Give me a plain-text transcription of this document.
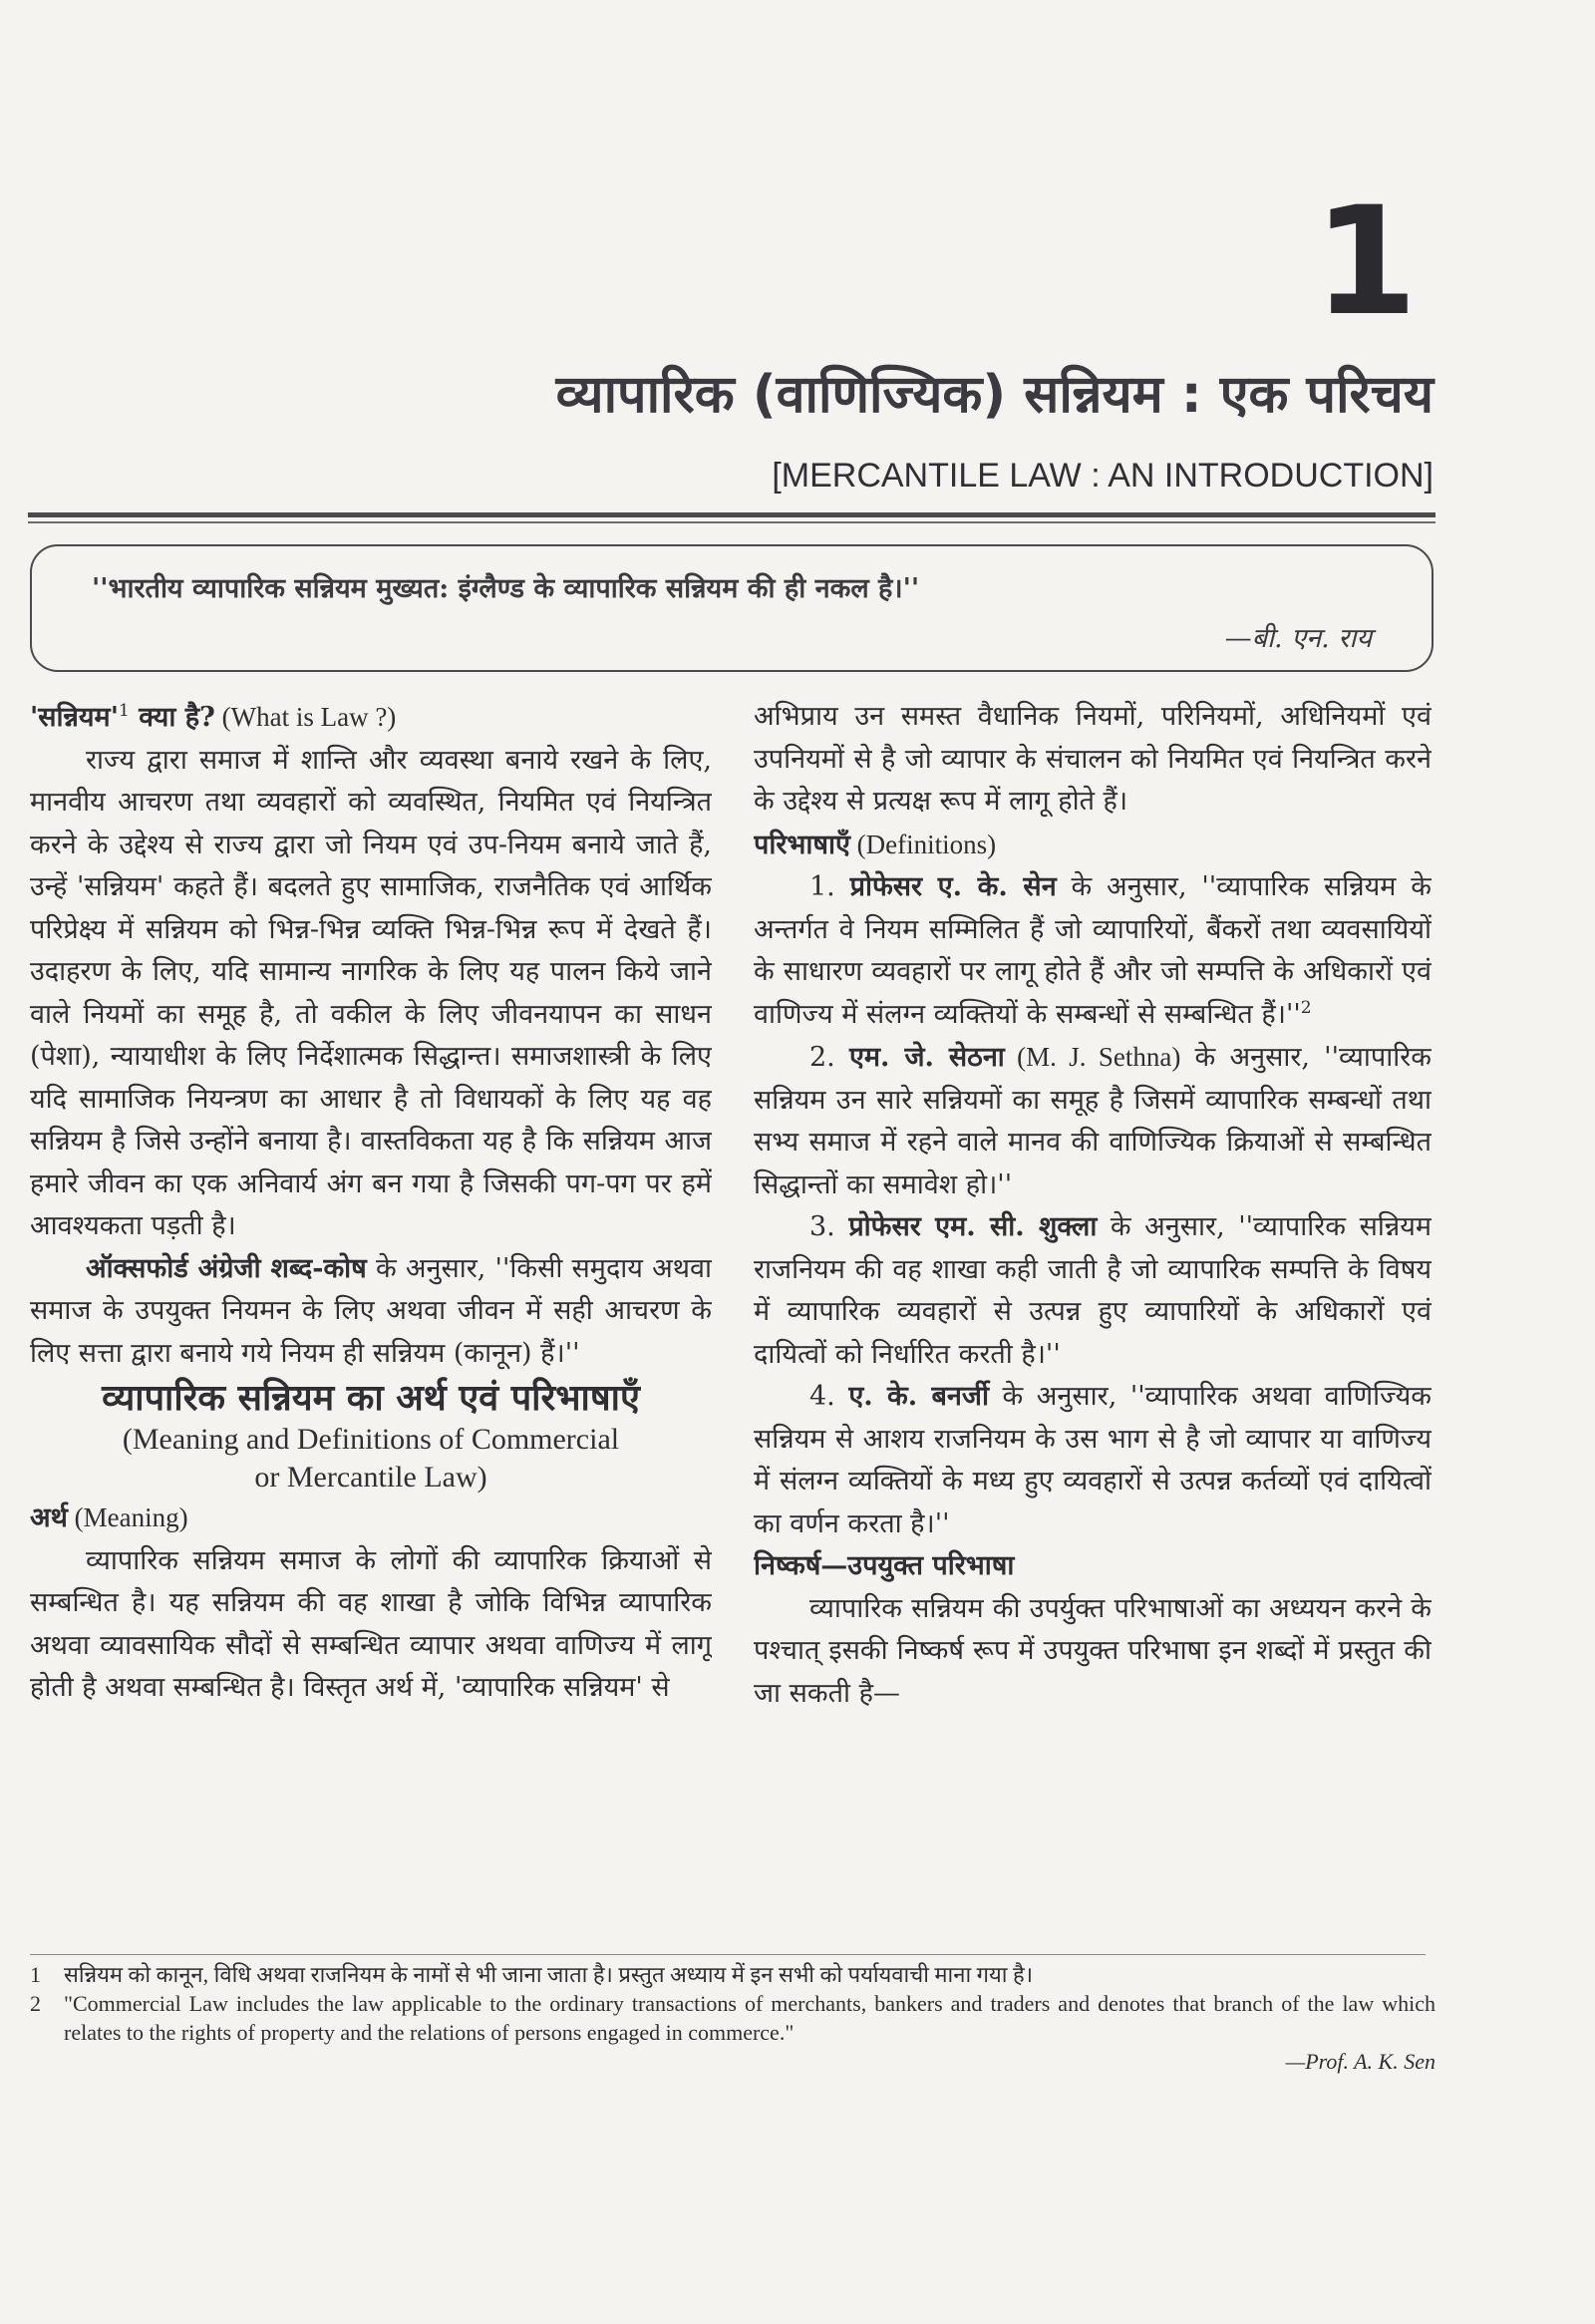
1
व्यापारिक (वाणिज्यिक) सन्नियम : एक परिचय
[MERCANTILE LAW : AN INTRODUCTION]
''भारतीय व्यापारिक सन्नियम मुख्यत: इंग्लैण्ड के व्यापारिक सन्नियम की ही नकल है।''
—बी. एन. राय

'$सन्नियम'^1$ क्या है? (What is Law ?)

राज्य द्वारा समाज में शान्ति और व्यवस्था बनाये रखने के लिए, मानवीय आचरण तथा व्यवहारों को व्यवस्थित, नियमित एवं नियन्त्रित करने के उद्देश्य से राज्य द्वारा जो नियम एवं उप-नियम बनाये जाते हैं, उन्हें 'सन्नियम' कहते हैं। बदलते हुए सामाजिक, राजनैतिक एवं आर्थिक परिप्रेक्ष्य में सन्नियम को भिन्न-भिन्न व्यक्ति भिन्न-भिन्न रूप में देखते हैं। उदाहरण के लिए, यदि सामान्य नागरिक के लिए यह पालन किये जाने वाले नियमों का समूह है, तो वकील के लिए जीवनयापन का साधन (पेशा), न्यायाधीश के लिए निर्देशात्मक सिद्धान्त। समाजशास्त्री के लिए यदि सामाजिक नियन्त्रण का आधार है तो विधायकों के लिए यह वह सन्नियम है जिसे उन्होंने बनाया है। वास्तविकता यह है कि सन्नियम आज हमारे जीवन का एक अनिवार्य अंग बन गया है जिसकी पग-पग पर हमें आवश्यकता पड़ती है।

ऑक्सफोर्ड अंग्रेजी शब्द-कोष के अनुसार, ''किसी समुदाय अथवा समाज के उपयुक्त नियमन के लिए अथवा जीवन में सही आचरण के लिए सत्ता द्वारा बनाये गये नियम ही सन्नियम (कानून) हैं।''

व्यापारिक सन्नियम का अर्थ एवं परिभाषाएँ

(Meaning and Definitions of Commercial

or Mercantile Law)

अर्थ (Meaning)

व्यापारिक सन्नियम समाज के लोगों की व्यापारिक क्रियाओं से सम्बन्धित है। यह सन्नियम की वह शाखा है जोकि विभिन्न व्यापारिक अथवा व्यावसायिक सौदों से सम्बन्धित व्यापार अथवा वाणिज्य में लागू होती है अथवा सम्बन्धित है। विस्तृत अर्थ में, 'व्यापारिक सन्नियम' से

अभिप्राय उन समस्त वैधानिक नियमों, परिनियमों, अधिनियमों एवं उपनियमों से है जो व्यापार के संचालन को नियमित एवं नियन्त्रित करने के उद्देश्य से प्रत्यक्ष रूप में लागू होते हैं।

परिभाषाएँ (Definitions)

1. प्रोफेसर ए. के. सेन के अनुसार, ''व्यापारिक सन्नियम के अन्तर्गत वे नियम सम्मिलित हैं जो व्यापारियों, बैंकरों तथा व्यवसायियों के साधारण व्यवहारों पर लागू होते हैं और जो सम्पत्ति के अधिकारों एवं वाणिज्य में संलग्न व्यक्तियों के सम्बन्धों से सम्बन्धित $हैं।''^2$

2. एम. जे. सेठना (M. J. Sethna) के अनुसार, ''व्यापारिक सन्नियम उन सारे सन्नियमों का समूह है जिसमें व्यापारिक सम्बन्धों तथा सभ्य समाज में रहने वाले मानव की वाणिज्यिक क्रियाओं से सम्बन्धित सिद्धान्तों का समावेश हो।''

3. प्रोफेसर एम. सी. शुक्ला के अनुसार, ''व्यापारिक सन्नियम राजनियम की वह शाखा कही जाती है जो व्यापारिक सम्पत्ति के विषय में व्यापारिक व्यवहारों से उत्पन्न हुए व्यापारियों के अधिकारों एवं दायित्वों को निर्धारित करती है।''

4. ए. के. बनर्जी के अनुसार, ''व्यापारिक अथवा वाणिज्यिक सन्नियम से आशय राजनियम के उस भाग से है जो व्यापार या वाणिज्य में संलग्न व्यक्तियों के मध्य हुए व्यवहारों से उत्पन्न कर्तव्यों एवं दायित्वों का वर्णन करता है।''

निष्कर्ष—उपयुक्त परिभाषा

व्यापारिक सन्नियम की उपर्युक्त परिभाषाओं का अध्ययन करने के पश्चात् इसकी निष्कर्ष रूप में उपयुक्त परिभाषा इन शब्दों में प्रस्तुत की जा सकती है—

1	सन्नियम को कानून, विधि अथवा राजनियम के नामों से भी जाना जाता है। प्रस्तुत अध्याय में इन सभी को पर्यायवाची माना गया है।

2	"Commercial Law includes the law applicable to the ordinary transactions of merchants, bankers and traders and denotes that branch of the law which relates to the rights of property and the relations of persons engaged in commerce."

—Prof. A. K. Sen
